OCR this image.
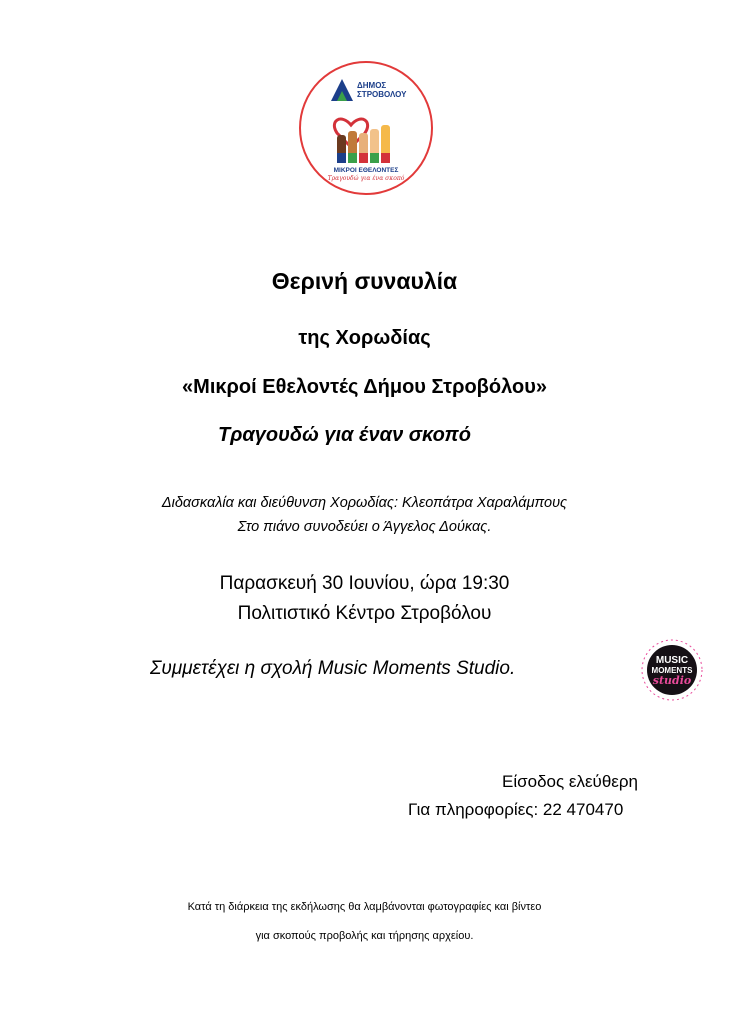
ΔΗΜΟΣ
ΣΤΡΟΒΟΛΟΥ
ΜΙΚΡΟΙ ΕΘΕΛΟΝΤΕΣ
Τραγουδώ για ένα σκοπό
Θερινή συναυλία
της Χορωδίας
«Μικροί Εθελοντές Δήμου Στροβόλου»
Τραγουδώ για έναν σκοπό
Διδασκαλία και διεύθυνση Χορωδίας: Κλεοπάτρα Χαραλάμπους
Στο πιάνο συνοδεύει ο Άγγελος Δούκας.
Παρασκευή 30 Ιουνίου, ώρα 19:30
Πολιτιστικό Κέντρο Στροβόλου
Συμμετέχει η σχολή Music Moments Studio.	MUSIC
MOMENTS
studio
Είσοδος ελεύθερη
Για πληροφορίες: 22 470470
Κατά τη διάρκεια της εκδήλωσης θα λαμβάνονται φωτογραφίες και βίντεο
για σκοπούς προβολής και τήρησης αρχείου.
